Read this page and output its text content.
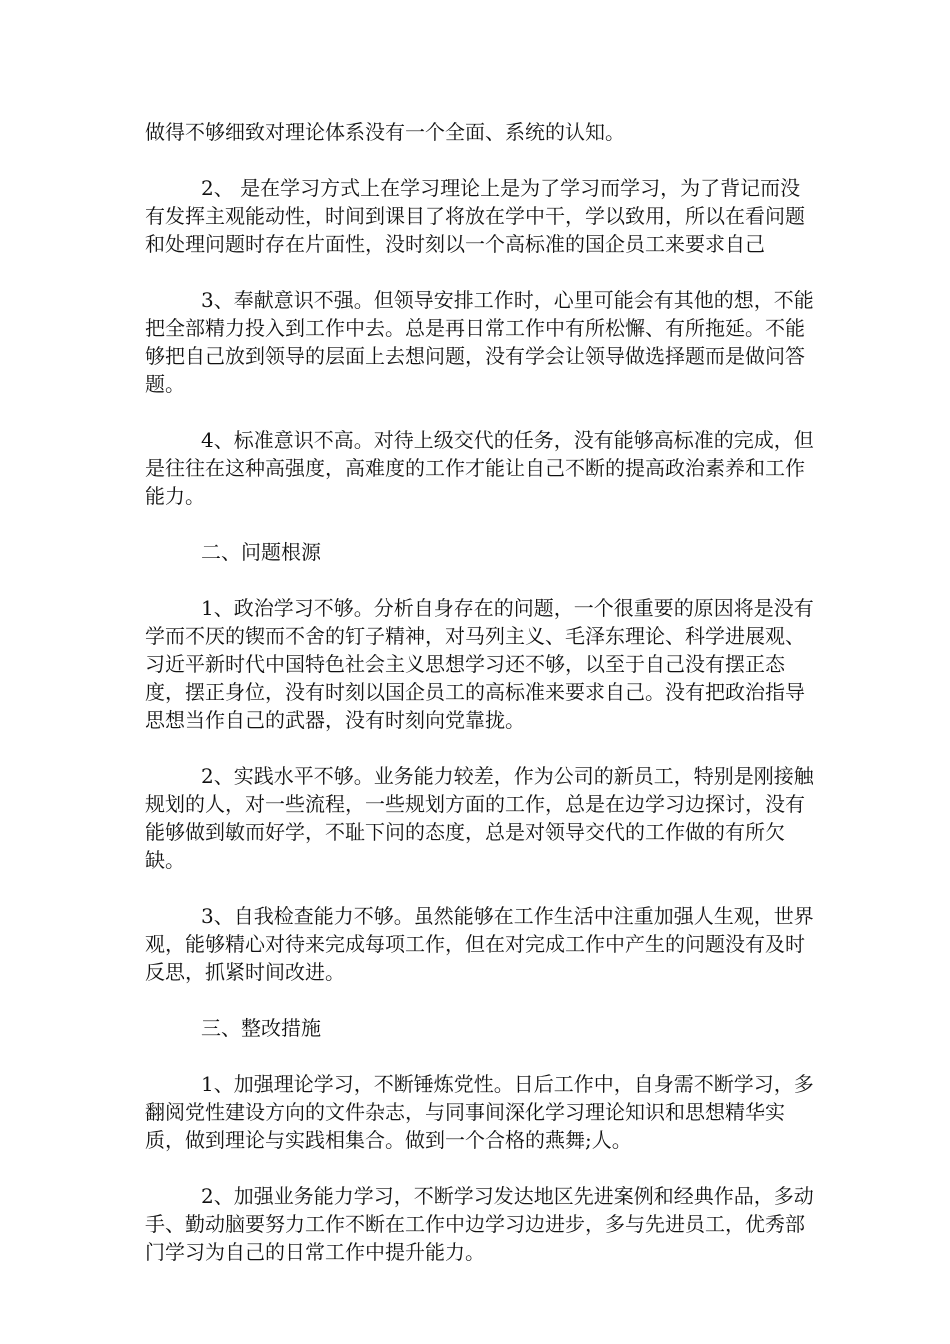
做得不够细致对理论体系没有一个全面、系统的认知。

2、 是在学习方式上在学习理论上是为了学习而学习，为了背记而没有发挥主观能动性，时间到课目了将放在学中干，学以致用，所以在看问题和处理问题时存在片面性，没时刻以一个高标准的国企员工来要求自己

3、奉献意识不强。但领导安排工作时，心里可能会有其他的想，不能把全部精力投入到工作中去。总是再日常工作中有所松懈、有所拖延。不能够把自己放到领导的层面上去想问题，没有学会让领导做选择题而是做问答题。

4、标准意识不高。对待上级交代的任务，没有能够高标准的完成，但是往往在这种高强度，高难度的工作才能让自己不断的提高政治素养和工作能力。

二、问题根源

1、政治学习不够。分析自身存在的问题，一个很重要的原因将是没有学而不厌的锲而不舍的钉子精神，对马列主义、毛泽东理论、科学进展观、习近平新时代中国特色社会主义思想学习还不够，以至于自己没有摆正态度，摆正身位，没有时刻以国企员工的高标准来要求自己。没有把政治指导思想当作自己的武器，没有时刻向党靠拢。

2、实践水平不够。业务能力较差，作为公司的新员工，特别是刚接触规划的人，对一些流程，一些规划方面的工作，总是在边学习边探讨，没有能够做到敏而好学，不耻下问的态度，总是对领导交代的工作做的有所欠缺。

3、自我检查能力不够。虽然能够在工作生活中注重加强人生观，世界观，能够精心对待来完成每项工作，但在对完成工作中产生的问题没有及时反思，抓紧时间改进。

三、整改措施

1、加强理论学习，不断锤炼党性。日后工作中，自身需不断学习，多翻阅党性建设方向的文件杂志，与同事间深化学习理论知识和思想精华实质，做到理论与实践相集合。做到一个合格的燕舞;人。

2、加强业务能力学习，不断学习发达地区先进案例和经典作品，多动手、勤动脑要努力工作不断在工作中边学习边进步，多与先进员工，优秀部门学习为自己的日常工作中提升能力。
